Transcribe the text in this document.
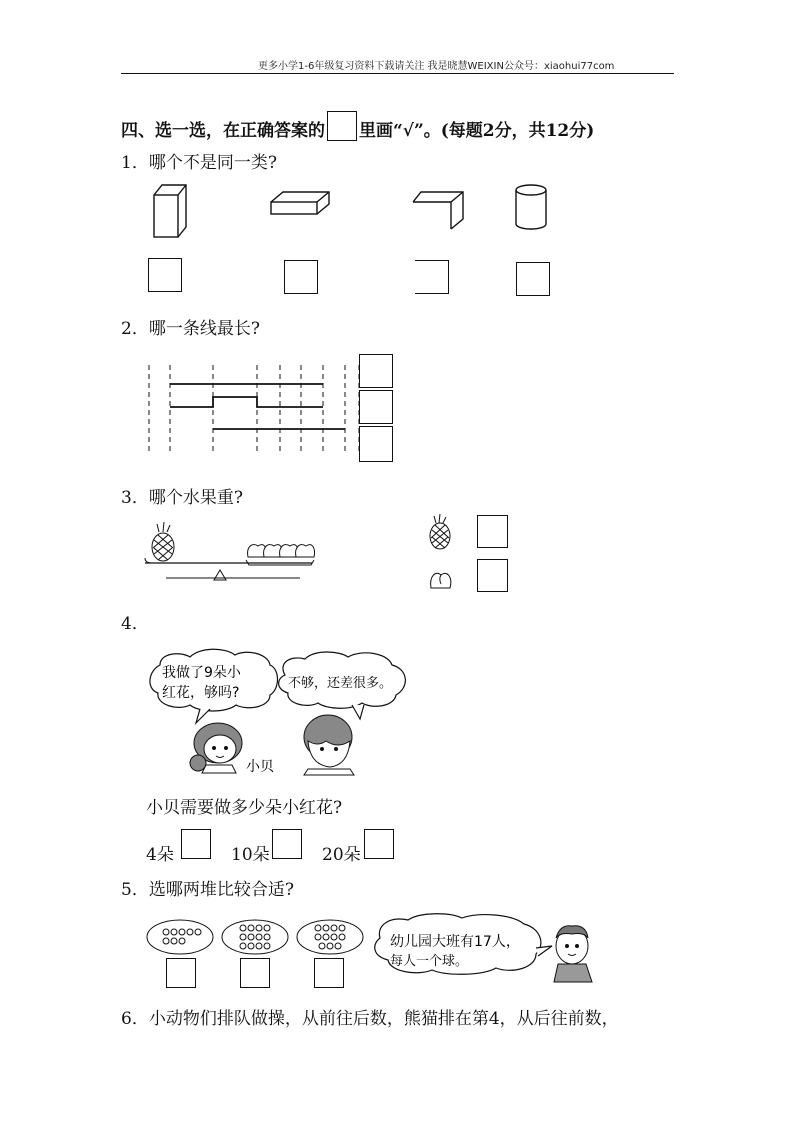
更多小学1-6年级复习资料下载请关注 我是晓慧WEIXIN公众号：xiaohui77com
四、选一选，在正确答案的 里画“√”。(每题2分，共12分)
1．哪个不是同一类?
2．哪一条线最长?
3．哪个水果重?
4．
我做了9朵小
红花，够吗?
不够，还差很多。
小贝
小贝需要做多少朵小红花?
4朵	10朵	20朵
5．选哪两堆比较合适?
幼儿园大班有17人，
每人一个球。
6．小动物们排队做操，从前往后数，熊猫排在第4，从后往前数，
